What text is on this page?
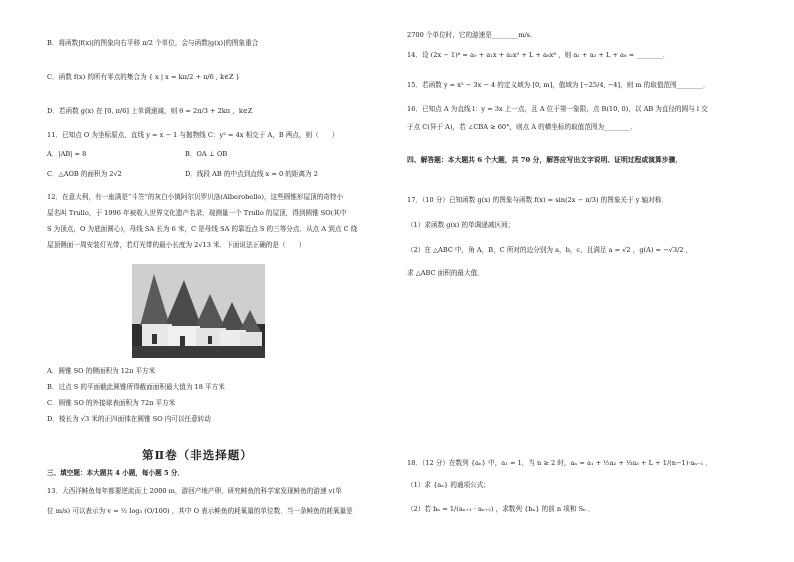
B．将函数|f(x)|的图象向右平移 π/2 个单位，会与函数|g(x)|的图象重合
C．函数 f(x) 的所有零点的集合为 { x | x = kπ/2 + π/6 , k∈Z }
D．若函数 g(x) 在 [0, π/6] 上单调递减，则 θ = 2π/3 + 2kπ ，k∈Z
11．已知点 O 为坐标原点，直线 y = x − 1 与抛物线 C：y² = 4x 相交于 A，B 两点，则（　　）
A．|AB| = 8	B．OA ⊥ OB
C．△AOB 的面积为 2√2	D．线段 AB 的中点到直线 x = 0 的距离为 2
12．在意大利，有一座满是“斗笠”的灰白小镇阿尔贝罗贝洛(Alberobello)，这些圆锥形屋顶的奇特小
屋名叫 Trullo，于 1996 年被收入世界文化遗产名录，现测量一个 Trullo 的屋顶，得到圆锥 SO(其中
S 为顶点，O 为底面圆心)，母线 SA 长为 6 米，C 是母线 SA 的靠近点 S 的三等分点．从点 A 到点 C 绕
屋顶侧面一周安装灯光带，若灯光带的最小长度为 2√13 米．下面说法正确的是（　　）
A．圆锥 SO 的侧面积为 12π 平方米
B．过点 S 的平面截此圆锥所得截面面积最大值为 18 平方米
C．圆锥 SO 的外接球表面积为 72π 平方米
D．棱长为 √3 米的正四面体在圆锥 SO 内可以任意转动
第Ⅱ卷（非选择题）
三、填空题：本大题共 4 小题，每小题 5 分．
13．大西洋鲑鱼每年都要逆流而上 2000 m，游回产地产卵，研究鲑鱼的科学家发现鲑鱼的游速 v(单
位 m/s) 可以表示为 v = ½ log₃ (O/100) ，其中 O 表示鲑鱼的耗氧量的单位数．当一条鲑鱼的耗氧量是
2700 个单位时，它的游速是________m/s．
14．设 (2x − 1)⁸ = a₀ + a₁x + a₂x² + L + a₈x⁸ ，则 a₁ + a₂ + L + a₈ = ________．
15．若函数 y = x² − 3x − 4 的定义域为 [0, m]，值域为 [−25/4, −4]，则 m 的取值范围________．
16．已知点 A 为直线 l：y = 3x 上一点，且 A 位于第一象限，点 B(10, 0)，以 AB 为直径的圆与 l 交
于点 C(异于 A)，若 ∠CBA ≥ 60°，则点 A 的横坐标的取值范围为________．
四、解答题：本大题共 6 个大题，共 70 分，解答应写出文字说明、证明过程或演算步骤．
17．（10 分）已知函数 g(x) 的图象与函数 f(x) = sin(2x − π/3) 的图象关于 y 轴对称．
（1）求函数 g(x) 的单调递减区间；
（2）在 △ABC 中，角 A，B，C 所对的边分别为 a，b，c，且满足 a = √2 ，g(A) = −√3/2 ，
求 △ABC 面积的最大值．
18．（12 分）在数列 {aₙ} 中，a₁ = 1，当 n ≥ 2 时，aₙ = a₁ + ½a₂ + ⅓a₃ + L + 1/(n−1)·aₙ₋₁ ．
（1）求 {aₙ} 的通项公式；
（2）若 bₙ = 1/(aₙ₊₁ · aₙ₊₂) ，求数列 {bₙ} 的前 n 项和 Sₙ ．
